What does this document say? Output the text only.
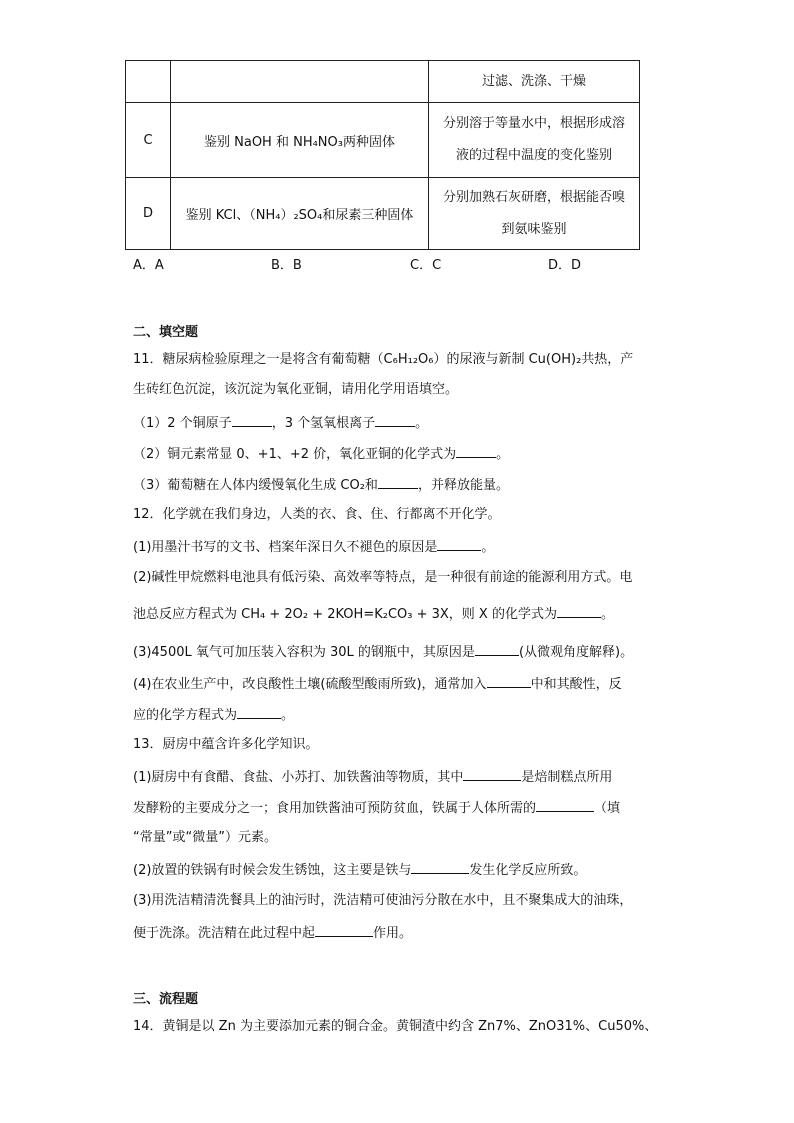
		过滤、洗涤、干燥

C	鉴别 NaOH 和 NH₄NO₃两种固体	分别溶于等量水中，根据形成溶
液的过程中温度的变化鉴别

D	鉴别 KCl、（NH₄）₂SO₄和尿素三种固体	分别加熟石灰研磨，根据能否嗅
到氨味鉴别
A．A	B．B	C．C	D．D
二、填空题
11．糖尿病检验原理之一是将含有葡萄糖（C₆H₁₂O₆）的尿液与新制 Cu(OH)₂共热，产
生砖红色沉淀，该沉淀为氧化亚铜，请用化学用语填空。
（1）2 个铜原子	，3 个氢氧根离子	。
（2）铜元素常显 0、+1、+2 价，氧化亚铜的化学式为	。
（3）葡萄糖在人体内缓慢氧化生成 CO₂和	，并释放能量。
12．化学就在我们身边，人类的衣、食、住、行都离不开化学。
(1)用墨汁书写的文书、档案年深日久不褪色的原因是	。
(2)碱性甲烷燃料电池具有低污染、高效率等特点，是一种很有前途的能源利用方式。电
池总反应方程式为 CH₄ + 2O₂ + 2KOH=K₂CO₃ + 3X，则 X 的化学式为	。
(3)4500L 氧气可加压装入容积为 30L 的钢瓶中，其原因是	(从微观角度解释)。
(4)在农业生产中，改良酸性土壤(硫酸型酸雨所致)，通常加入	中和其酸性，反
应的化学方程式为	。
13．厨房中蕴含许多化学知识。
(1)厨房中有食醋、食盐、小苏打、加铁酱油等物质，其中	是焙制糕点所用
发酵粉的主要成分之一；食用加铁酱油可预防贫血，铁属于人体所需的	（填
“常量”或“微量”）元素。
(2)放置的铁锅有时候会发生锈蚀，这主要是铁与	发生化学反应所致。
(3)用洗洁精清洗餐具上的油污时，洗洁精可使油污分散在水中，且不聚集成大的油珠，
便于洗涤。洗洁精在此过程中起	作用。
三、流程题
14．黄铜是以 Zn 为主要添加元素的铜合金。黄铜渣中约含 Zn7%、ZnO31%、Cu50%、
